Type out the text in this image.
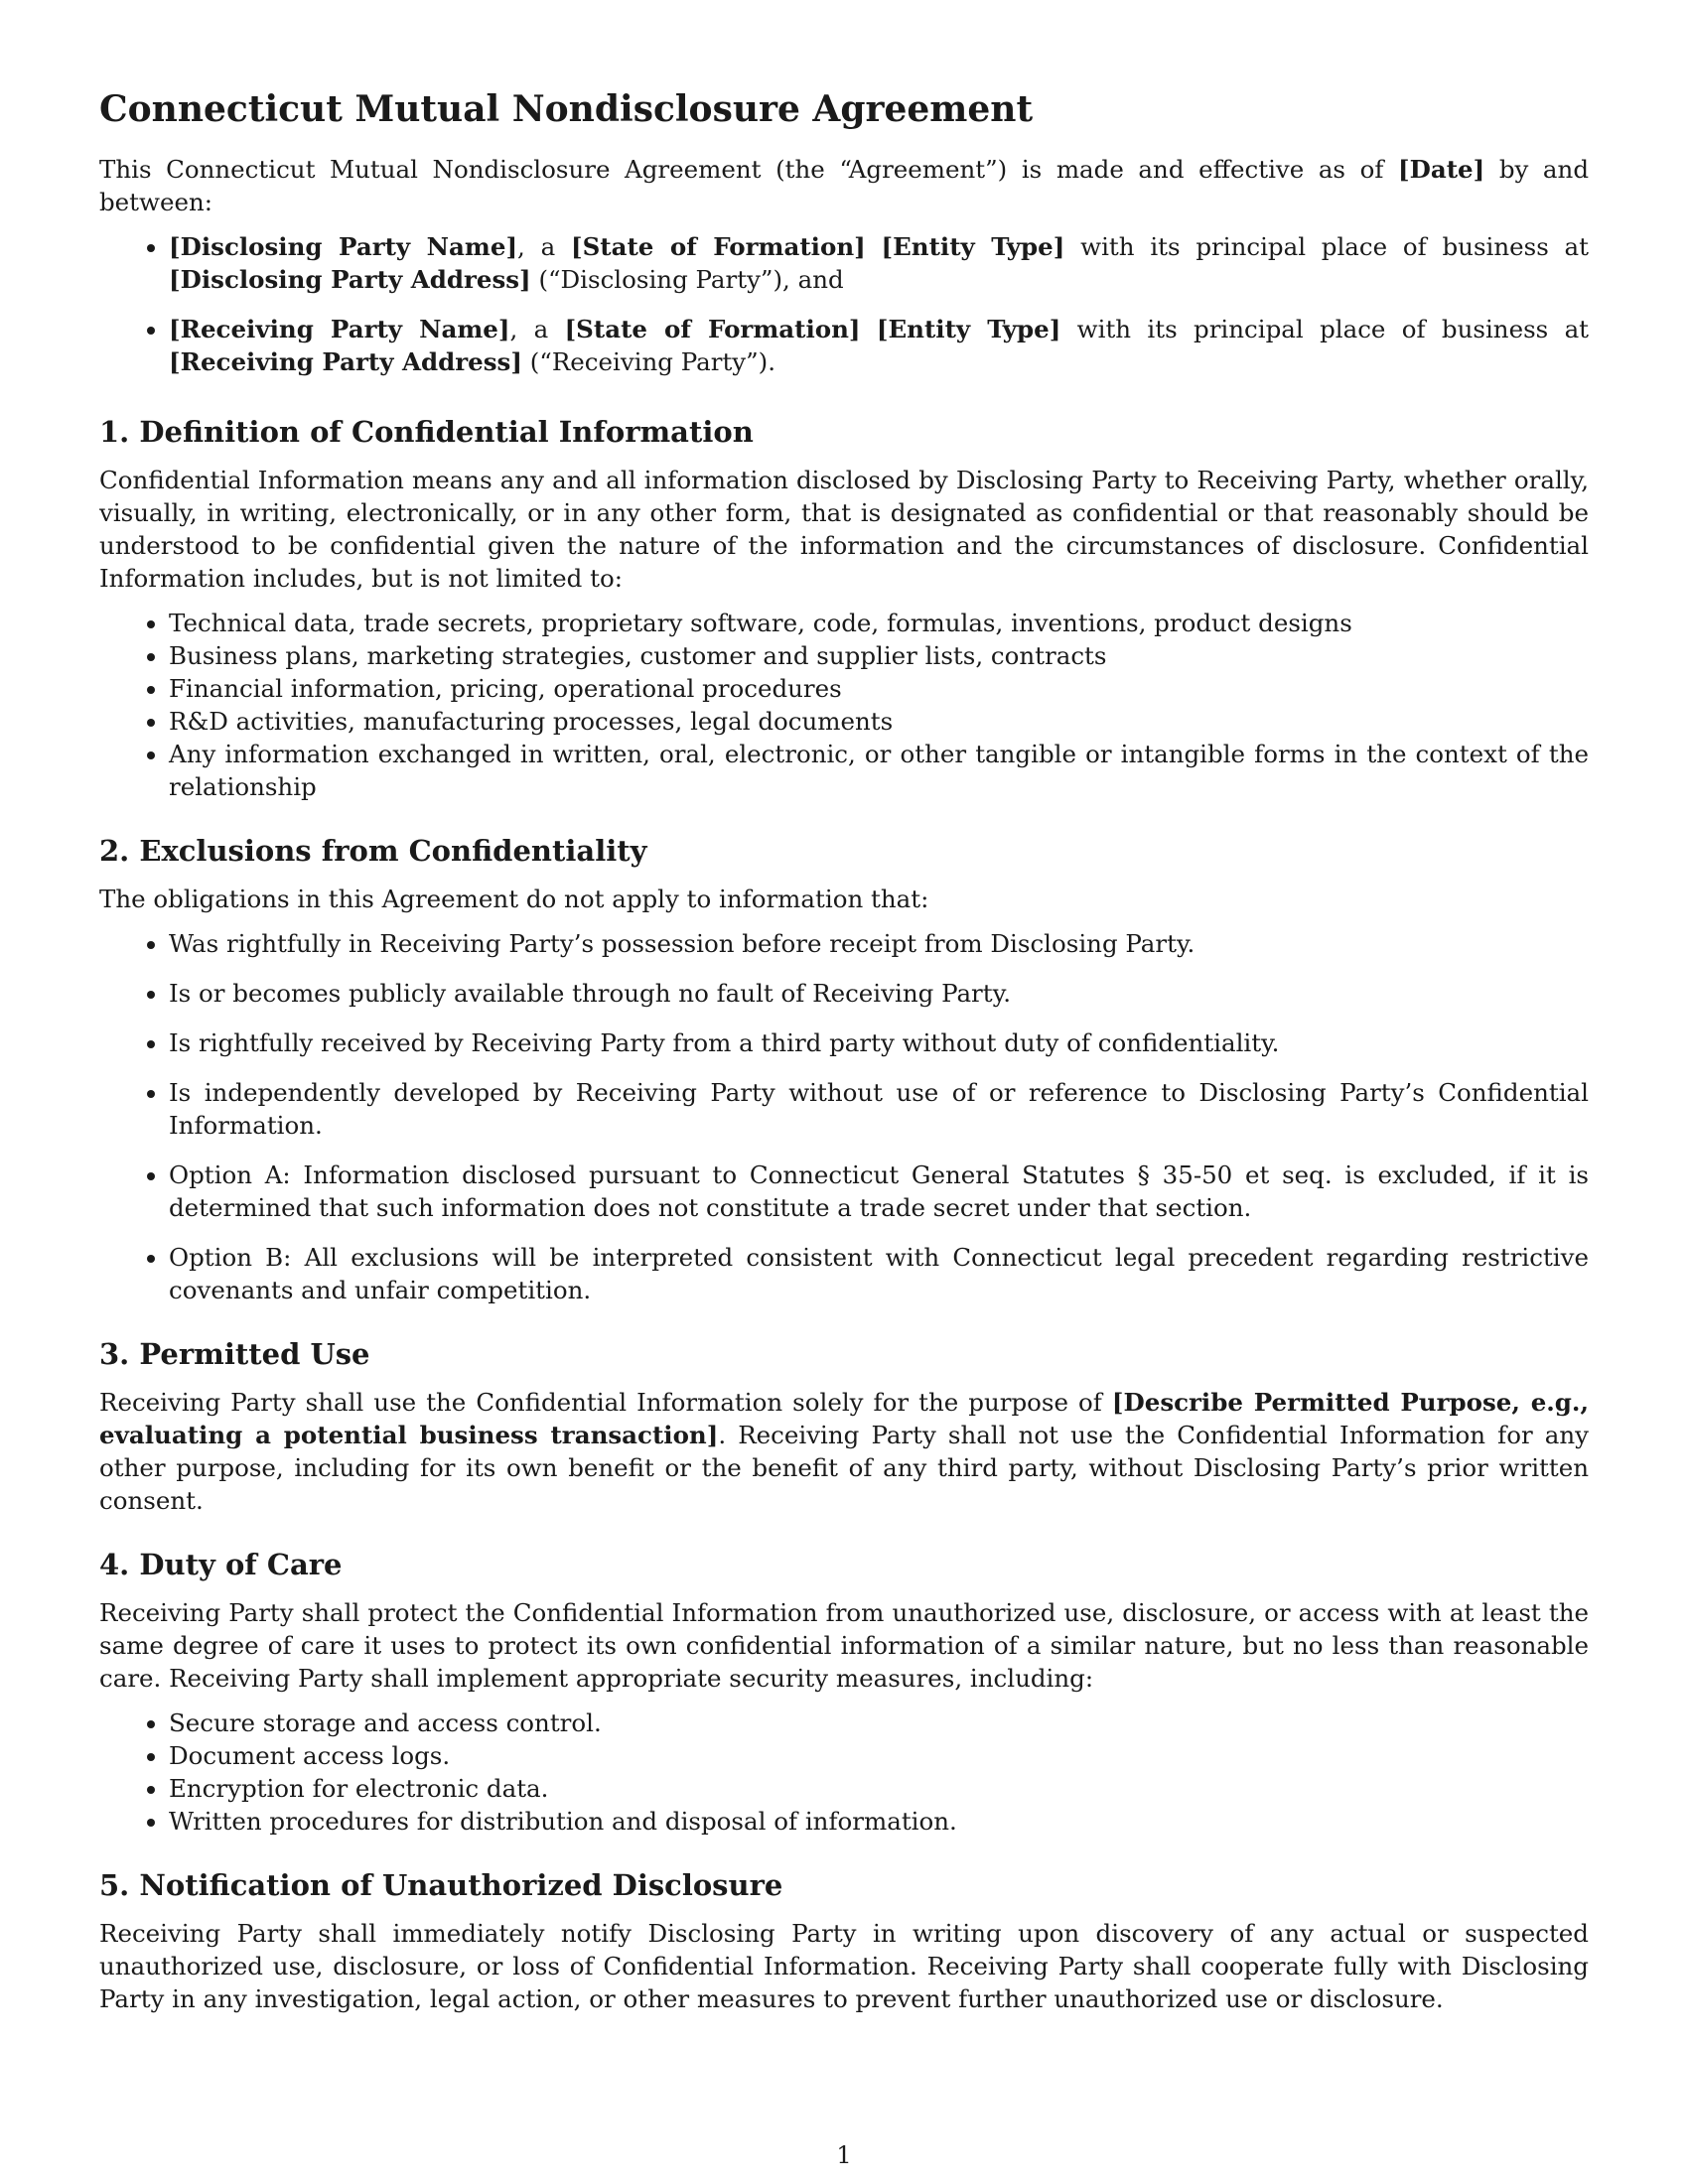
Connecticut Mutual Nondisclosure Agreement

This Connecticut Mutual Nondisclosure Agreement (the “Agreement”) is made and effective as of [Date] by and between:

• [Disclosing Party Name], a [State of Formation] [Entity Type] with its principal place of business at [Disclosing Party Address] (“Disclosing Party”), and
• [Receiving Party Name], a [State of Formation] [Entity Type] with its principal place of business at [Receiving Party Address] (“Receiving Party”).
1. Definition of Confidential Information

Confidential Information means any and all information disclosed by Disclosing Party to Receiving Party, whether orally, visually, in writing, electronically, or in any other form, that is designated as confidential or that reasonably should be understood to be confidential given the nature of the information and the circumstances of disclosure. Confidential Information includes, but is not limited to:

• Technical data, trade secrets, proprietary software, code, formulas, inventions, product designs
• Business plans, marketing strategies, customer and supplier lists, contracts
• Financial information, pricing, operational procedures
• R&D activities, manufacturing processes, legal documents
• Any information exchanged in written, oral, electronic, or other tangible or intangible forms in the context of the relationship
2. Exclusions from Confidentiality

The obligations in this Agreement do not apply to information that:

• Was rightfully in Receiving Party’s possession before receipt from Disclosing Party.
• Is or becomes publicly available through no fault of Receiving Party.
• Is rightfully received by Receiving Party from a third party without duty of confidentiality.
• Is independently developed by Receiving Party without use of or reference to Disclosing Party’s Confidential Information.
• Option A: Information disclosed pursuant to Connecticut General Statutes § 35-50 et seq. is excluded, if it is determined that such information does not constitute a trade secret under that section.
• Option B: All exclusions will be interpreted consistent with Connecticut legal precedent regarding restrictive covenants and unfair competition.
3. Permitted Use

Receiving Party shall use the Confidential Information solely for the purpose of [Describe Permitted Purpose, e.g., evaluating a potential business transaction]. Receiving Party shall not use the Confidential Information for any other purpose, including for its own benefit or the benefit of any third party, without Disclosing Party’s prior written consent.

4. Duty of Care

Receiving Party shall protect the Confidential Information from unauthorized use, disclosure, or access with at least the same degree of care it uses to protect its own confidential information of a similar nature, but no less than reasonable care. Receiving Party shall implement appropriate security measures, including:

• Secure storage and access control.
• Document access logs.
• Encryption for electronic data.
• Written procedures for distribution and disposal of information.
5. Notification of Unauthorized Disclosure

Receiving Party shall immediately notify Disclosing Party in writing upon discovery of any actual or suspected unauthorized use, disclosure, or loss of Confidential Information. Receiving Party shall cooperate fully with Disclosing Party in any investigation, legal action, or other measures to prevent further unauthorized use or disclosure.

1
